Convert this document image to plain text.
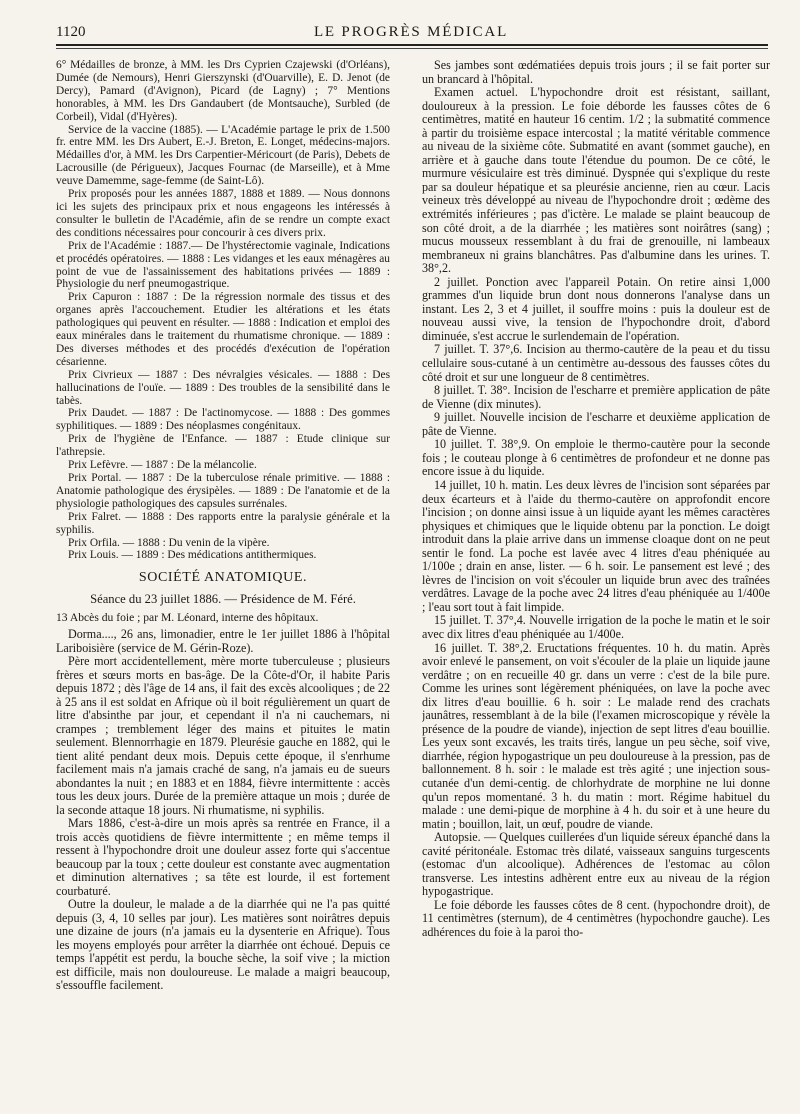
1120	LE PROGRÈS MÉDICAL

6° Médailles de bronze, à MM. les Drs Cyprien Czajewski (d'Orléans), Dumée (de Nemours), Henri Gierszynski (d'Ouarville), E. D. Jenot (de Dercy), Pamard (d'Avignon), Picard (de Lagny) ; 7° Mentions honorables, à MM. les Drs Gandaubert (de Montsauche), Surbled (de Corbeil), Vidal (d'Hyères).

Service de la vaccine (1885). — L'Académie partage le prix de 1.500 fr. entre MM. les Drs Aubert, E.-J. Breton, E. Longet, médecins-majors. Médailles d'or, à MM. les Drs Carpentier-Méricourt (de Paris), Debets de Lacrousille (de Périgueux), Jacques Fournac (de Marseille), et à Mme veuve Damemme, sage-femme (de Saint-Lô).

Prix proposés pour les années 1887, 1888 et 1889. — Nous donnons ici les sujets des principaux prix et nous engageons les intéressés à consulter le bulletin de l'Académie, afin de se rendre un compte exact des conditions nécessaires pour concourir à ces divers prix.

Prix de l'Académie : 1887.— De l'hystérectomie vaginale, Indications et procédés opératoires. — 1888 : Les vidanges et les eaux ménagères au point de vue de l'assainissement des habitations privées — 1889 : Physiologie du nerf pneumogastrique.

Prix Capuron : 1887 : De la régression normale des tissus et des organes après l'accouchement. Etudier les altérations et les états pathologiques qui peuvent en résulter. — 1888 : Indication et emploi des eaux minérales dans le traitement du rhumatisme chronique. — 1889 : Des diverses méthodes et des procédés d'exécution de l'opération césarienne.

Prix Civrieux — 1887 : Des névralgies vésicales. — 1888 : Des hallucinations de l'ouïe. — 1889 : Des troubles de la sensibilité dans le tabès.

Prix Daudet. — 1887 : De l'actinomycose. — 1888 : Des gommes syphilitiques. — 1889 : Des néoplasmes congénitaux.

Prix de l'hygiène de l'Enfance. — 1887 : Etude clinique sur l'athrepsie.

Prix Lefèvre. — 1887 : De la mélancolie.

Prix Portal. — 1887 : De la tuberculose rénale primitive. — 1888 : Anatomie pathologique des érysipèles. — 1889 : De l'anatomie et de la physiologie pathologiques des capsules surrénales.

Prix Falret. — 1888 : Des rapports entre la paralysie générale et la syphilis.

Prix Orfila. — 1888 : Du venin de la vipère.

Prix Louis. — 1889 : Des médications antithermiques.

SOCIÉTÉ ANATOMIQUE.

Séance du 23 juillet 1886. — Présidence de M. Féré.

13 Abcès du foie ; par M. Léonard, interne des hôpitaux.

Dorma...., 26 ans, limonadier, entre le 1er juillet 1886 à l'hôpital Lariboisière (service de M. Gérin-Roze).

Père mort accidentellement, mère morte tuberculeuse ; plusieurs frères et sœurs morts en bas-âge. De la Côte-d'Or, il habite Paris depuis 1872 ; dès l'âge de 14 ans, il fait des excès alcooliques ; de 22 à 25 ans il est soldat en Afrique où il boit régulièrement un quart de litre d'absinthe par jour, et cependant il n'a ni cauchemars, ni crampes ; tremblement léger des mains et pituites le matin seulement. Blennorrhagie en 1879. Pleurésie gauche en 1882, qui le tient alité pendant deux mois. Depuis cette époque, il s'enrhume facilement mais n'a jamais craché de sang, n'a jamais eu de sueurs abondantes la nuit ; en 1883 et en 1884, fièvre intermittente : accès tous les deux jours. Durée de la première attaque un mois ; durée de la seconde attaque 18 jours. Ni rhumatisme, ni syphilis.

Mars 1886, c'est-à-dire un mois après sa rentrée en France, il a trois accès quotidiens de fièvre intermittente ; en même temps il ressent à l'hypochondre droit une douleur assez forte qui s'accentue beaucoup par la toux ; cette douleur est constante avec augmentation et diminution alternatives ; sa tête est lourde, il est fortement courbaturé.

Outre la douleur, le malade a de la diarrhée qui ne l'a pas quitté depuis (3, 4, 10 selles par jour). Les matières sont noirâtres depuis une dizaine de jours (n'a jamais eu la dysenterie en Afrique). Tous les moyens employés pour arrêter la diarrhée ont échoué. Depuis ce temps l'appétit est perdu, la bouche sèche, la soif vive ; la miction est difficile, mais non douloureuse. Le malade a maigri beaucoup, s'essouffle facilement.

Ses jambes sont œdématiées depuis trois jours ; il se fait porter sur un brancard à l'hôpital.

Examen actuel. L'hypochondre droit est résistant, saillant, douloureux à la pression. Le foie déborde les fausses côtes de 6 centimètres, matité en hauteur 16 centim. 1/2 ; la submatité commence à partir du troisième espace intercostal ; la matité véritable commence au niveau de la sixième côte. Submatité en avant (sommet gauche), en arrière et à gauche dans toute l'étendue du poumon. De ce côté, le murmure vésiculaire est très diminué. Dyspnée qui s'explique du reste par sa douleur hépatique et sa pleurésie ancienne, rien au cœur. Lacis veineux très développé au niveau de l'hypochondre droit ; œdème des extrémités inférieures ; pas d'ictère. Le malade se plaint beaucoup de son côté droit, a de la diarrhée ; les matières sont noirâtres (sang) ; mucus mousseux ressemblant à du frai de grenouille, ni lambeaux membraneux ni grains blanchâtres. Pas d'albumine dans les urines. T. 38°,2.

2 juillet. Ponction avec l'appareil Potain. On retire ainsi 1,000 grammes d'un liquide brun dont nous donnerons l'analyse dans un instant. Les 2, 3 et 4 juillet, il souffre moins : puis la douleur est de nouveau aussi vive, la tension de l'hypochondre droit, d'abord diminuée, s'est accrue le surlendemain de l'opération.

7 juillet. T. 37°,6. Incision au thermo-cautère de la peau et du tissu cellulaire sous-cutané à un centimètre au-dessous des fausses côtes du côté droit et sur une longueur de 8 centimètres.

8 juillet. T. 38°. Incision de l'escharre et première application de pâte de Vienne (dix minutes).

9 juillet. Nouvelle incision de l'escharre et deuxième application de pâte de Vienne.

10 juillet. T. 38°,9. On emploie le thermo-cautère pour la seconde fois ; le couteau plonge à 6 centimètres de profondeur et ne donne pas encore issue à du liquide.

14 juillet, 10 h. matin. Les deux lèvres de l'incision sont séparées par deux écarteurs et à l'aide du thermo-cautère on approfondit encore l'incision ; on donne ainsi issue à un liquide ayant les mêmes caractères physiques et chimiques que le liquide obtenu par la ponction. Le doigt introduit dans la plaie arrive dans un immense cloaque dont on ne peut sentir le fond. La poche est lavée avec 4 litres d'eau phéniquée au 1/100e ; drain en anse, lister. — 6 h. soir. Le pansement est levé ; des lèvres de l'incision on voit s'écouler un liquide brun avec des traînées verdâtres. Lavage de la poche avec 24 litres d'eau phéniquée au 1/400e ; l'eau sort tout à fait limpide.

15 juillet. T. 37°,4. Nouvelle irrigation de la poche le matin et le soir avec dix litres d'eau phéniquée au 1/400e.

16 juillet. T. 38°,2. Eructations fréquentes. 10 h. du matin. Après avoir enlevé le pansement, on voit s'écouler de la plaie un liquide jaune verdâtre ; on en recueille 40 gr. dans un verre : c'est de la bile pure. Comme les urines sont légèrement phéniquées, on lave la poche avec dix litres d'eau bouillie. 6 h. soir : Le malade rend des crachats jaunâtres, ressemblant à de la bile (l'examen microscopique y révèle la présence de la poudre de viande), injection de sept litres d'eau bouillie. Les yeux sont excavés, les traits tirés, langue un peu sèche, soif vive, diarrhée, région hypogastrique un peu douloureuse à la pression, pas de ballonnement. 8 h. soir : le malade est très agité ; une injection sous-cutanée d'un demi-centig. de chlorhydrate de morphine ne lui donne qu'un repos momentané. 3 h. du matin : mort. Régime habituel du malade : une demi-pique de morphine à 4 h. du soir et à une heure du matin ; bouillon, lait, un œuf, poudre de viande.

Autopsie. — Quelques cuillerées d'un liquide séreux épanché dans la cavité péritonéale. Estomac très dilaté, vaisseaux sanguins turgescents (estomac d'un alcoolique). Adhérences de l'estomac au côlon transverse. Les intestins adhèrent entre eux au niveau de la région hypogastrique.

Le foie déborde les fausses côtes de 8 cent. (hypochondre droit), de 11 centimètres (sternum), de 4 centimètres (hypochondre gauche). Les adhérences du foie à la paroi tho-
